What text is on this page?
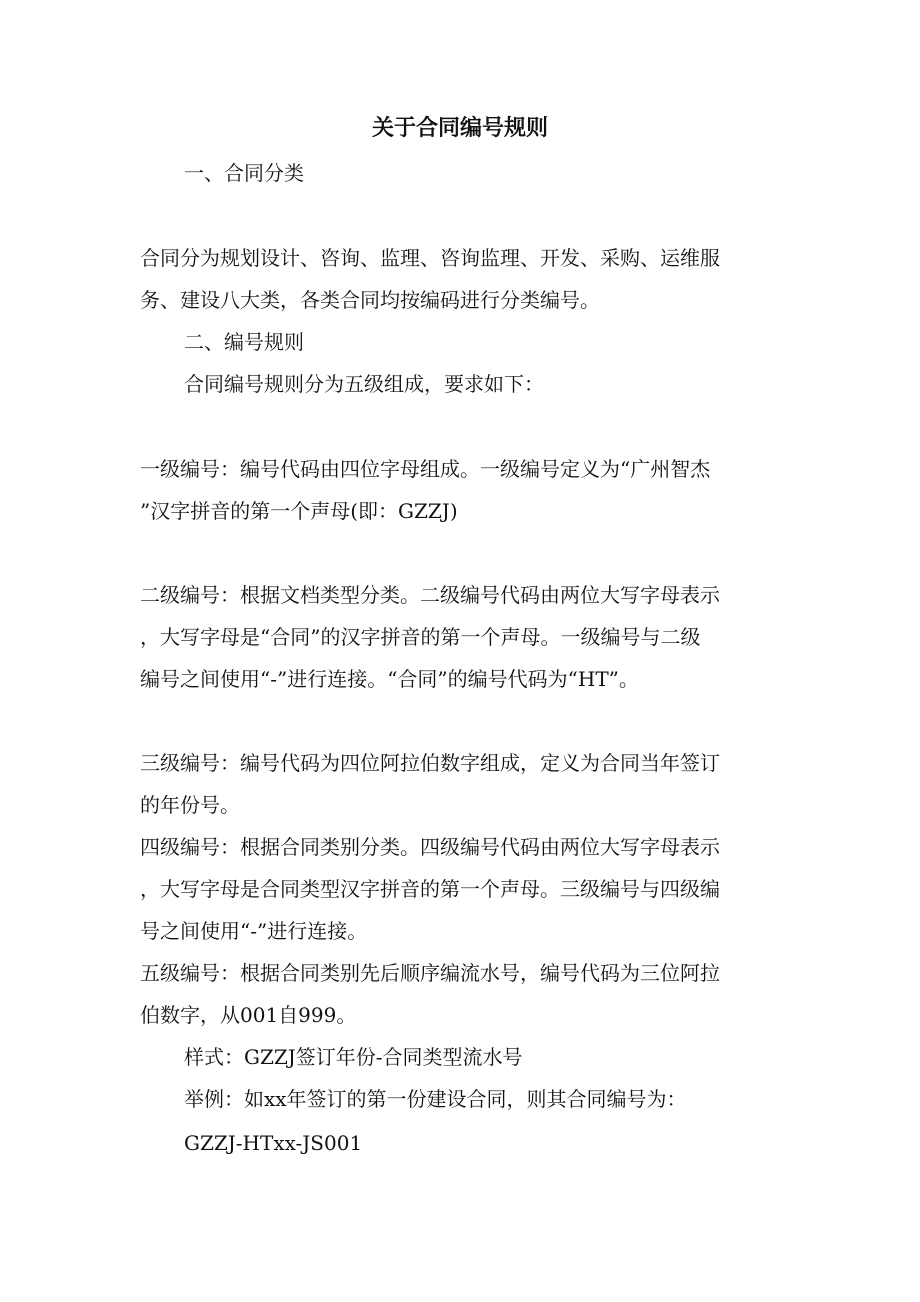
关于合同编号规则
一、合同分类
合同分为规划设计、咨询、监理、咨询监理、开发、采购、运维服
务、建设八大类，各类合同均按编码进行分类编号。
二、编号规则
合同编号规则分为五级组成，要求如下：
一级编号：编号代码由四位字母组成。一级编号定义为“广州智杰
”汉字拼音的第一个声母(即：GZZJ)
二级编号：根据文档类型分类。二级编号代码由两位大写字母表示
，大写字母是“合同”的汉字拼音的第一个声母。一级编号与二级
编号之间使用“-”进行连接。“合同”的编号代码为“HT”。
三级编号：编号代码为四位阿拉伯数字组成，定义为合同当年签订
的年份号。
四级编号：根据合同类别分类。四级编号代码由两位大写字母表示
，大写字母是合同类型汉字拼音的第一个声母。三级编号与四级编
号之间使用“-”进行连接。
五级编号：根据合同类别先后顺序编流水号，编号代码为三位阿拉
伯数字，从001自999。
样式：GZZJ签订年份-合同类型流水号
举例：如xx年签订的第一份建设合同，则其合同编号为：
GZZJ-HTxx-JS001
